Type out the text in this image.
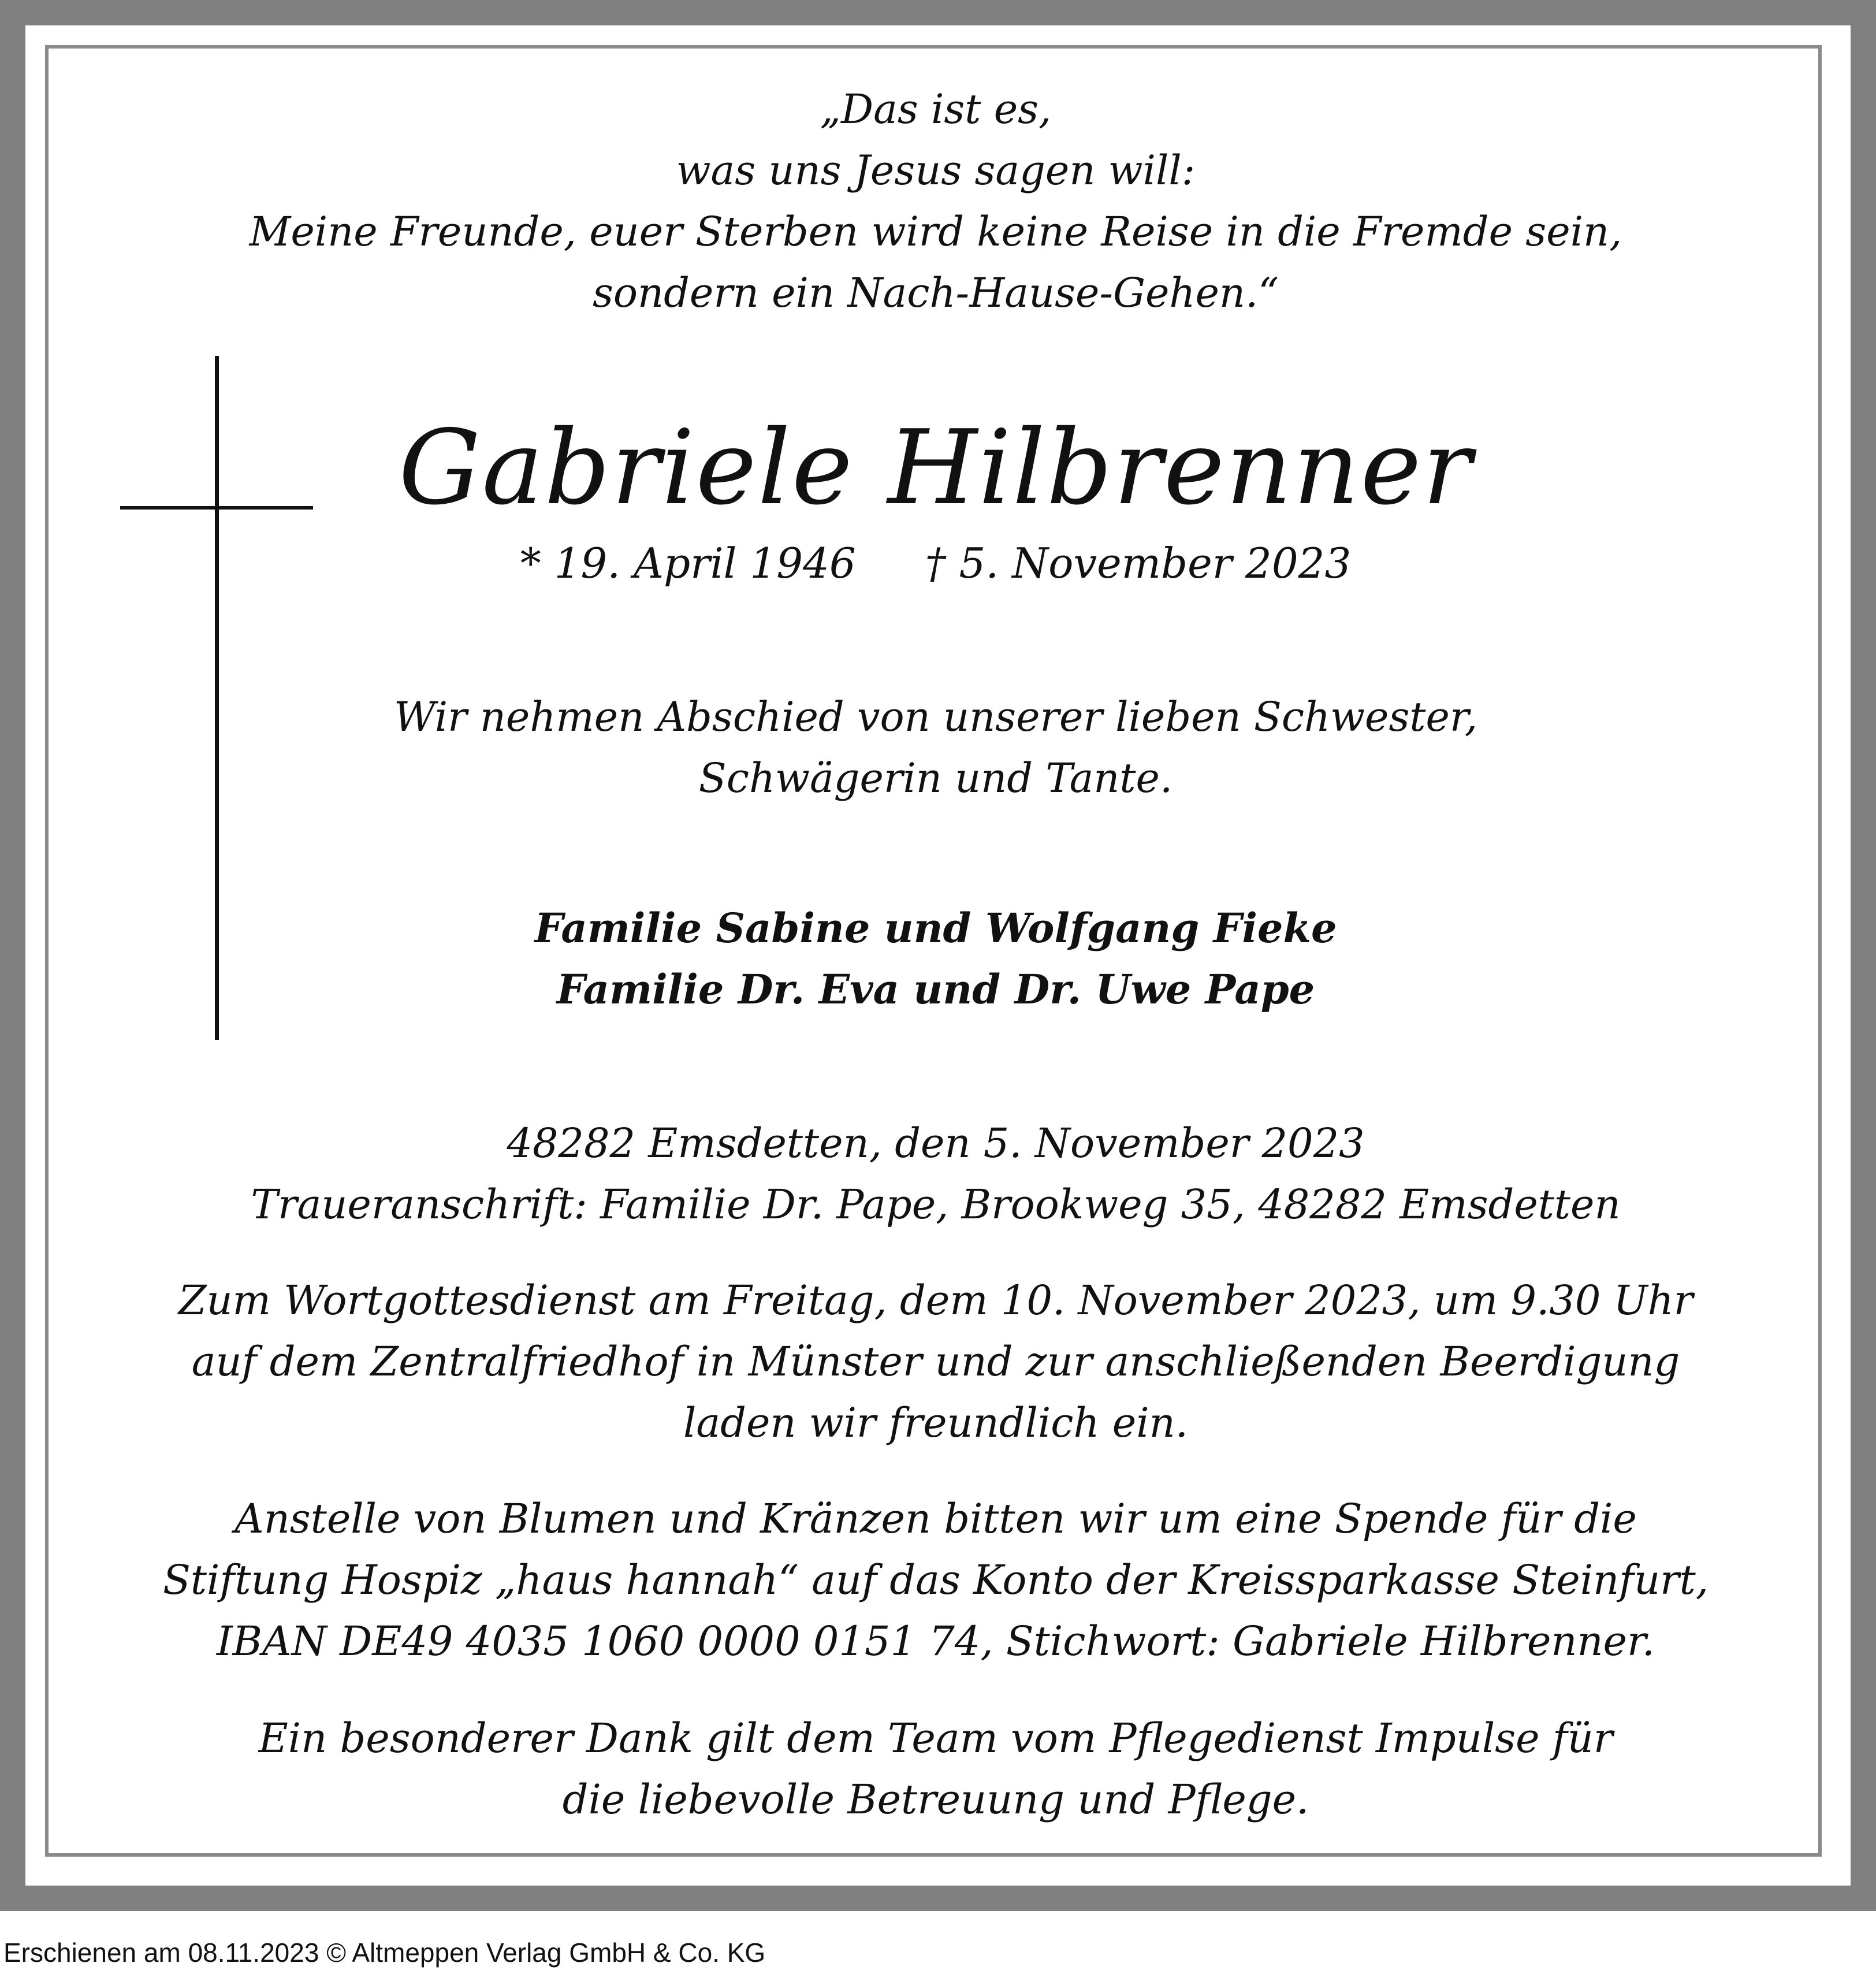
„Das ist es,
was uns Jesus sagen will:
Meine Freunde, euer Sterben wird keine Reise in die Fremde sein,
sondern ein Nach-Hause-Gehen.“

Gabriele Hilbrenner

* 19. April 1946 † 5. November 2023

Wir nehmen Abschied von unserer lieben Schwester,
Schwägerin und Tante.

Familie Sabine und Wolfgang Fieke
Familie Dr. Eva und Dr. Uwe Pape

48282 Emsdetten, den 5. November 2023
Traueranschrift: Familie Dr. Pape, Brookweg 35, 48282 Emsdetten

Zum Wortgottesdienst am Freitag, dem 10. November 2023, um 9.30 Uhr
auf dem Zentralfriedhof in Münster und zur anschließenden Beerdigung
laden wir freundlich ein.

Anstelle von Blumen und Kränzen bitten wir um eine Spende für die
Stiftung Hospiz „haus hannah“ auf das Konto der Kreissparkasse Steinfurt,
IBAN DE49 4035 1060 0000 0151 74, Stichwort: Gabriele Hilbrenner.

Ein besonderer Dank gilt dem Team vom Pflegedienst Impulse für
die liebevolle Betreuung und Pflege.

Erschienen am 08.11.2023 © Altmeppen Verlag GmbH & Co. KG
